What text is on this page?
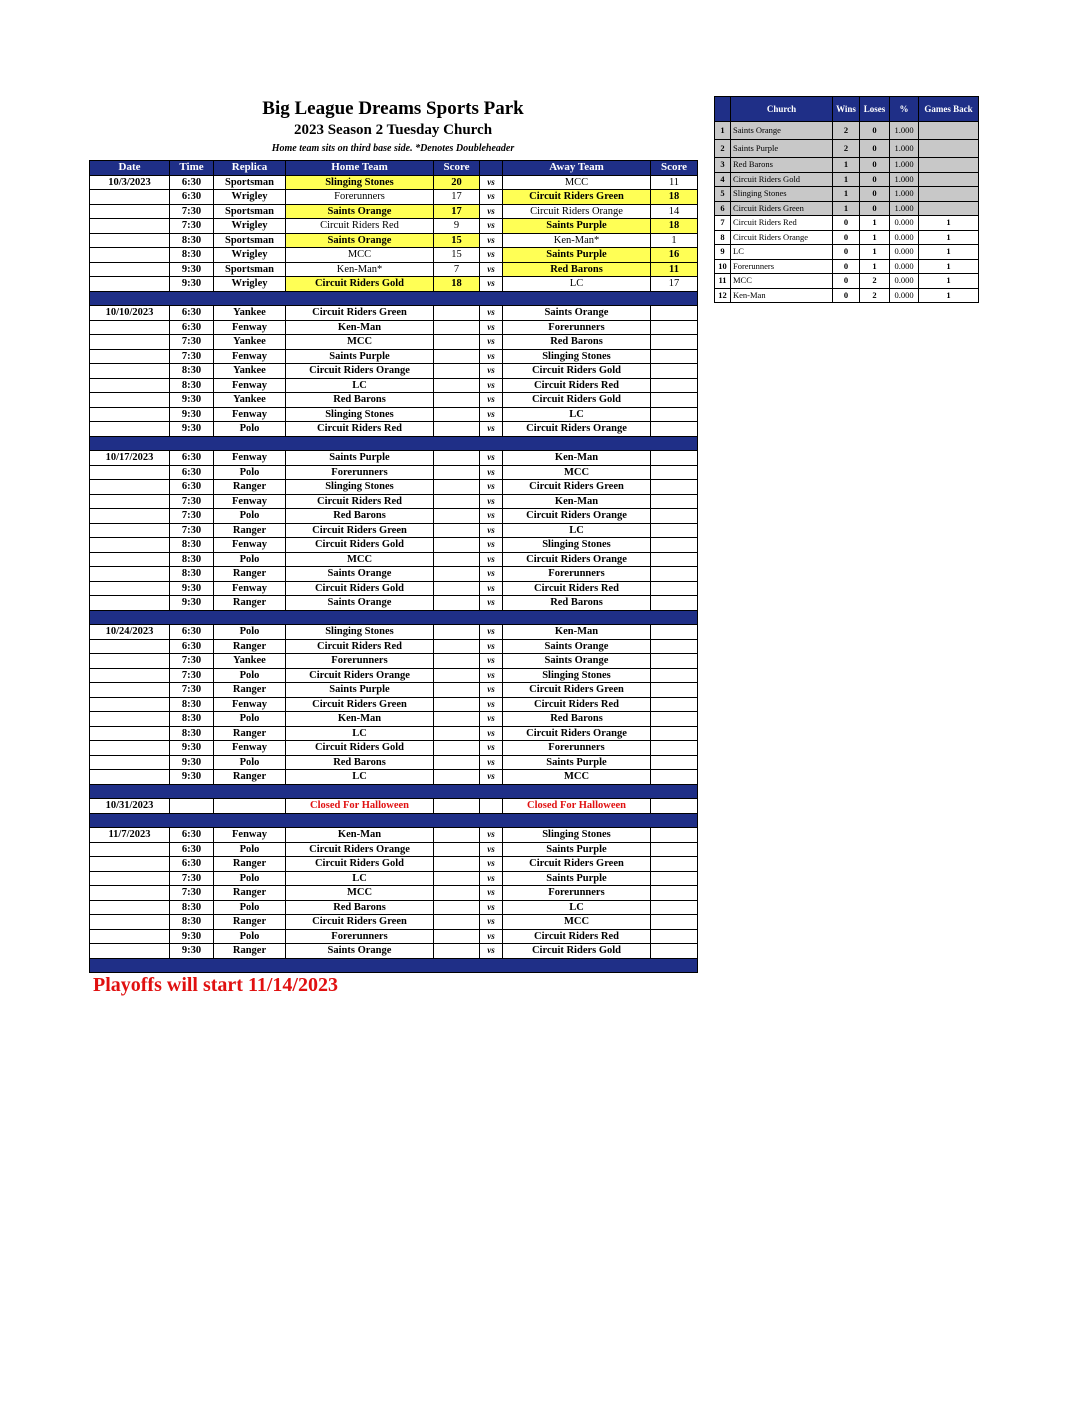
Big League Dreams Sports Park
2023 Season 2 Tuesday Church
Home team sits on third base side. *Denotes Doubleheader
Date	Time	Replica	Home Team	Score		Away Team	Score
10/3/2023	6:30	Sportsman	Slinging Stones	20	vs	MCC	11
	6:30	Wrigley	Forerunners	17	vs	Circuit Riders Green	18
	7:30	Sportsman	Saints Orange	17	vs	Circuit Riders Orange	14
	7:30	Wrigley	Circuit Riders Red	9	vs	Saints Purple	18
	8:30	Sportsman	Saints Orange	15	vs	Ken-Man*	1
	8:30	Wrigley	MCC	15	vs	Saints Purple	16
	9:30	Sportsman	Ken-Man*	7	vs	Red Barons	11
	9:30	Wrigley	Circuit Riders Gold	18	vs	LC	17

10/10/2023	6:30	Yankee	Circuit Riders Green		vs	Saints Orange	
	6:30	Fenway	Ken-Man		vs	Forerunners	
	7:30	Yankee	MCC		vs	Red Barons	
	7:30	Fenway	Saints Purple		vs	Slinging Stones	
	8:30	Yankee	Circuit Riders Orange		vs	Circuit Riders Gold	
	8:30	Fenway	LC		vs	Circuit Riders Red	
	9:30	Yankee	Red Barons		vs	Circuit Riders Gold	
	9:30	Fenway	Slinging Stones		vs	LC	
	9:30	Polo	Circuit Riders Red		vs	Circuit Riders Orange	

10/17/2023	6:30	Fenway	Saints Purple		vs	Ken-Man	
	6:30	Polo	Forerunners		vs	MCC	
	6:30	Ranger	Slinging Stones		vs	Circuit Riders Green	
	7:30	Fenway	Circuit Riders Red		vs	Ken-Man	
	7:30	Polo	Red Barons		vs	Circuit Riders Orange	
	7:30	Ranger	Circuit Riders Green		vs	LC	
	8:30	Fenway	Circuit Riders Gold		vs	Slinging Stones	
	8:30	Polo	MCC		vs	Circuit Riders Orange	
	8:30	Ranger	Saints Orange		vs	Forerunners	
	9:30	Fenway	Circuit Riders Gold		vs	Circuit Riders Red	
	9:30	Ranger	Saints Orange		vs	Red Barons	

10/24/2023	6:30	Polo	Slinging Stones		vs	Ken-Man	
	6:30	Ranger	Circuit Riders Red		vs	Saints Orange	
	7:30	Yankee	Forerunners		vs	Saints Orange	
	7:30	Polo	Circuit Riders Orange		vs	Slinging Stones	
	7:30	Ranger	Saints Purple		vs	Circuit Riders Green	
	8:30	Fenway	Circuit Riders Green		vs	Circuit Riders Red	
	8:30	Polo	Ken-Man		vs	Red Barons	
	8:30	Ranger	LC		vs	Circuit Riders Orange	
	9:30	Fenway	Circuit Riders Gold		vs	Forerunners	
	9:30	Polo	Red Barons		vs	Saints Purple	
	9:30	Ranger	LC		vs	MCC	

10/31/2023			Closed For Halloween			Closed For Halloween	

11/7/2023	6:30	Fenway	Ken-Man		vs	Slinging Stones	
	6:30	Polo	Circuit Riders Orange		vs	Saints Purple	
	6:30	Ranger	Circuit Riders Gold		vs	Circuit Riders Green	
	7:30	Polo	LC		vs	Saints Purple	
	7:30	Ranger	MCC		vs	Forerunners	
	8:30	Polo	Red Barons		vs	LC	
	8:30	Ranger	Circuit Riders Green		vs	MCC	
	9:30	Polo	Forerunners		vs	Circuit Riders Red	
	9:30	Ranger	Saints Orange		vs	Circuit Riders Gold	

Playoffs will start 11/14/2023
	Church	Wins	Loses	%	Games Back
1	Saints Orange	2	0	1.000	
2	Saints Purple	2	0	1.000	
3	Red Barons	1	0	1.000	
4	Circuit Riders Gold	1	0	1.000	
5	Slinging Stones	1	0	1.000	
6	Circuit Riders Green	1	0	1.000	
7	Circuit Riders Red	0	1	0.000	1
8	Circuit Riders Orange	0	1	0.000	1
9	LC	0	1	0.000	1
10	Forerunners	0	1	0.000	1
11	MCC	0	2	0.000	1
12	Ken-Man	0	2	0.000	1
